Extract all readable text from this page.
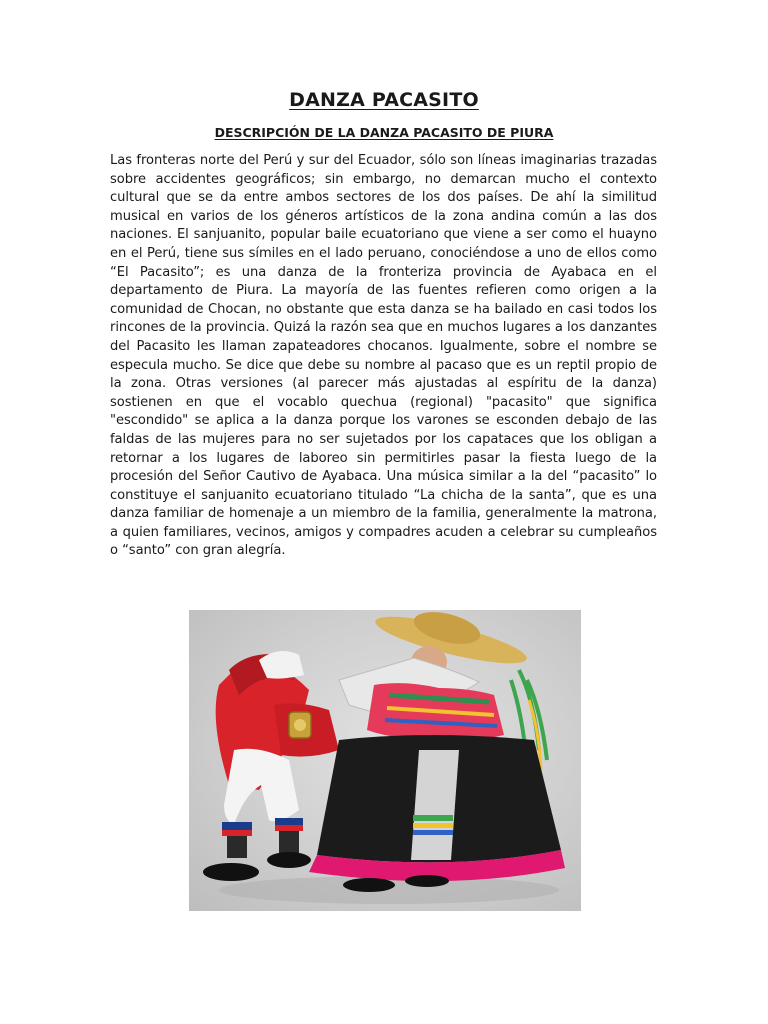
DANZA PACASITO
DESCRIPCIÓN DE LA DANZA PACASITO DE PIURA

Las fronteras norte del Perú y sur del Ecuador, sólo son líneas imaginarias trazadas sobre accidentes geográficos; sin embargo, no demarcan mucho el contexto cultural que se da entre ambos sectores de los dos países. De ahí la similitud musical en varios de los géneros artísticos de la zona andina común a las dos naciones. El sanjuanito, popular baile ecuatoriano que viene a ser como el huayno en el Perú, tiene sus símiles en el lado peruano, conociéndose a uno de ellos como “El Pacasito”; es una danza de la fronteriza provincia de Ayabaca en el departamento de Piura. La mayoría de las fuentes refieren como origen a la comunidad de Chocan, no obstante que esta danza se ha bailado en casi todos los rincones de la provincia. Quizá la razón sea que en muchos lugares a los danzantes del Pacasito les llaman zapateadores chocanos. Igualmente, sobre el nombre se especula mucho. Se dice que debe su nombre al pacaso que es un reptil propio de la zona. Otras versiones (al parecer más ajustadas al espíritu de la danza) sostienen en que el vocablo quechua (regional) "pacasito" que significa "escondido" se aplica a la danza porque los varones se esconden debajo de las faldas de las mujeres para no ser sujetados por los capataces que los obligan a retornar a los lugares de laboreo sin permitirles pasar la fiesta luego de la procesión del Señor Cautivo de Ayabaca. Una música similar a la del “pacasito” lo constituye el sanjuanito ecuatoriano titulado “La chicha de la santa”, que es una danza familiar de homenaje a un miembro de la familia, generalmente la matrona, a quien familiares, vecinos, amigos y compadres acuden a celebrar su cumpleaños o “santo” con gran alegría.
